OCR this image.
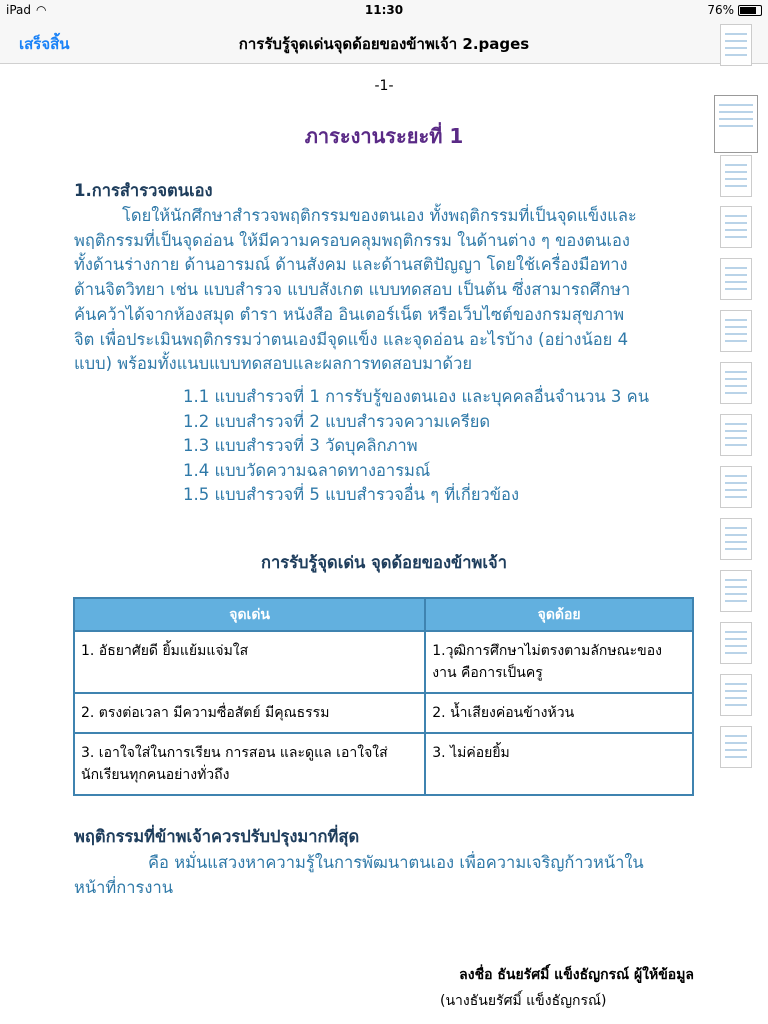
iPad ◠	11:30	76%
เสร็จสิ้น	การรับรู้จุดเด่นจุดด้อยของข้าพเจ้า 2.pages
-1-
ภาระงานระยะที่ 1
1.การสำรวจตนเอง
โดยให้นักศึกษาสำรวจพฤติกรรมของตนเอง ทั้งพฤติกรรมที่เป็นจุดแข็งและ
พฤติกรรมที่เป็นจุดอ่อน ให้มีความครอบคลุมพฤติกรรม ในด้านต่าง ๆ ของตนเอง
ทั้งด้านร่างกาย ด้านอารมณ์ ด้านสังคม และด้านสติปัญญา โดยใช้เครื่องมือทาง
ด้านจิตวิทยา เช่น แบบสำรวจ แบบสังเกต แบบทดสอบ เป็นต้น ซึ่งสามารถศึกษา
ค้นคว้าได้จากห้องสมุด ตำรา หนังสือ อินเตอร์เน็ต หรือเว็บไซต์ของกรมสุขภาพ
จิต เพื่อประเมินพฤติกรรมว่าตนเองมีจุดแข็ง และจุดอ่อน อะไรบ้าง (อย่างน้อย 4
แบบ) พร้อมทั้งแนบแบบทดสอบและผลการทดสอบมาด้วย
1.1 แบบสำรวจที่ 1 การรับรู้ของตนเอง และบุคคลอื่นจำนวน 3 คน
1.2 แบบสำรวจที่ 2 แบบสำรวจความเครียด
1.3 แบบสำรวจที่ 3 วัดบุคลิกภาพ
1.4 แบบวัดความฉลาดทางอารมณ์
1.5 แบบสำรวจที่ 5 แบบสำรวจอื่น ๆ ที่เกี่ยวข้อง
การรับรู้จุดเด่น จุดด้อยของข้าพเจ้า
จุดเด่น	จุดด้อย
1. อัธยาศัยดี ยิ้มแย้มแจ่มใส	1.วุฒิการศึกษาไม่ตรงตามลักษณะของงาน คือการเป็นครู
2. ตรงต่อเวลา มีความซื่อสัตย์ มีคุณธรรม	2. น้ำเสียงค่อนข้างห้วน
3. เอาใจใส่ในการเรียน การสอน และดูแล เอาใจใส่นักเรียนทุกคนอย่างทั่วถึง	3. ไม่ค่อยยิ้ม
พฤติกรรมที่ข้าพเจ้าควรปรับปรุงมากที่สุด
คือ หมั่นแสวงหาความรู้ในการพัฒนาตนเอง เพื่อความเจริญก้าวหน้าใน
หน้าที่การงาน
ลงชื่อ ธันยรัศมิ์ แข็งธัญกรณ์ ผู้ให้ข้อมูล
(นางธันยรัศมิ์ แข็งธัญกรณ์)
